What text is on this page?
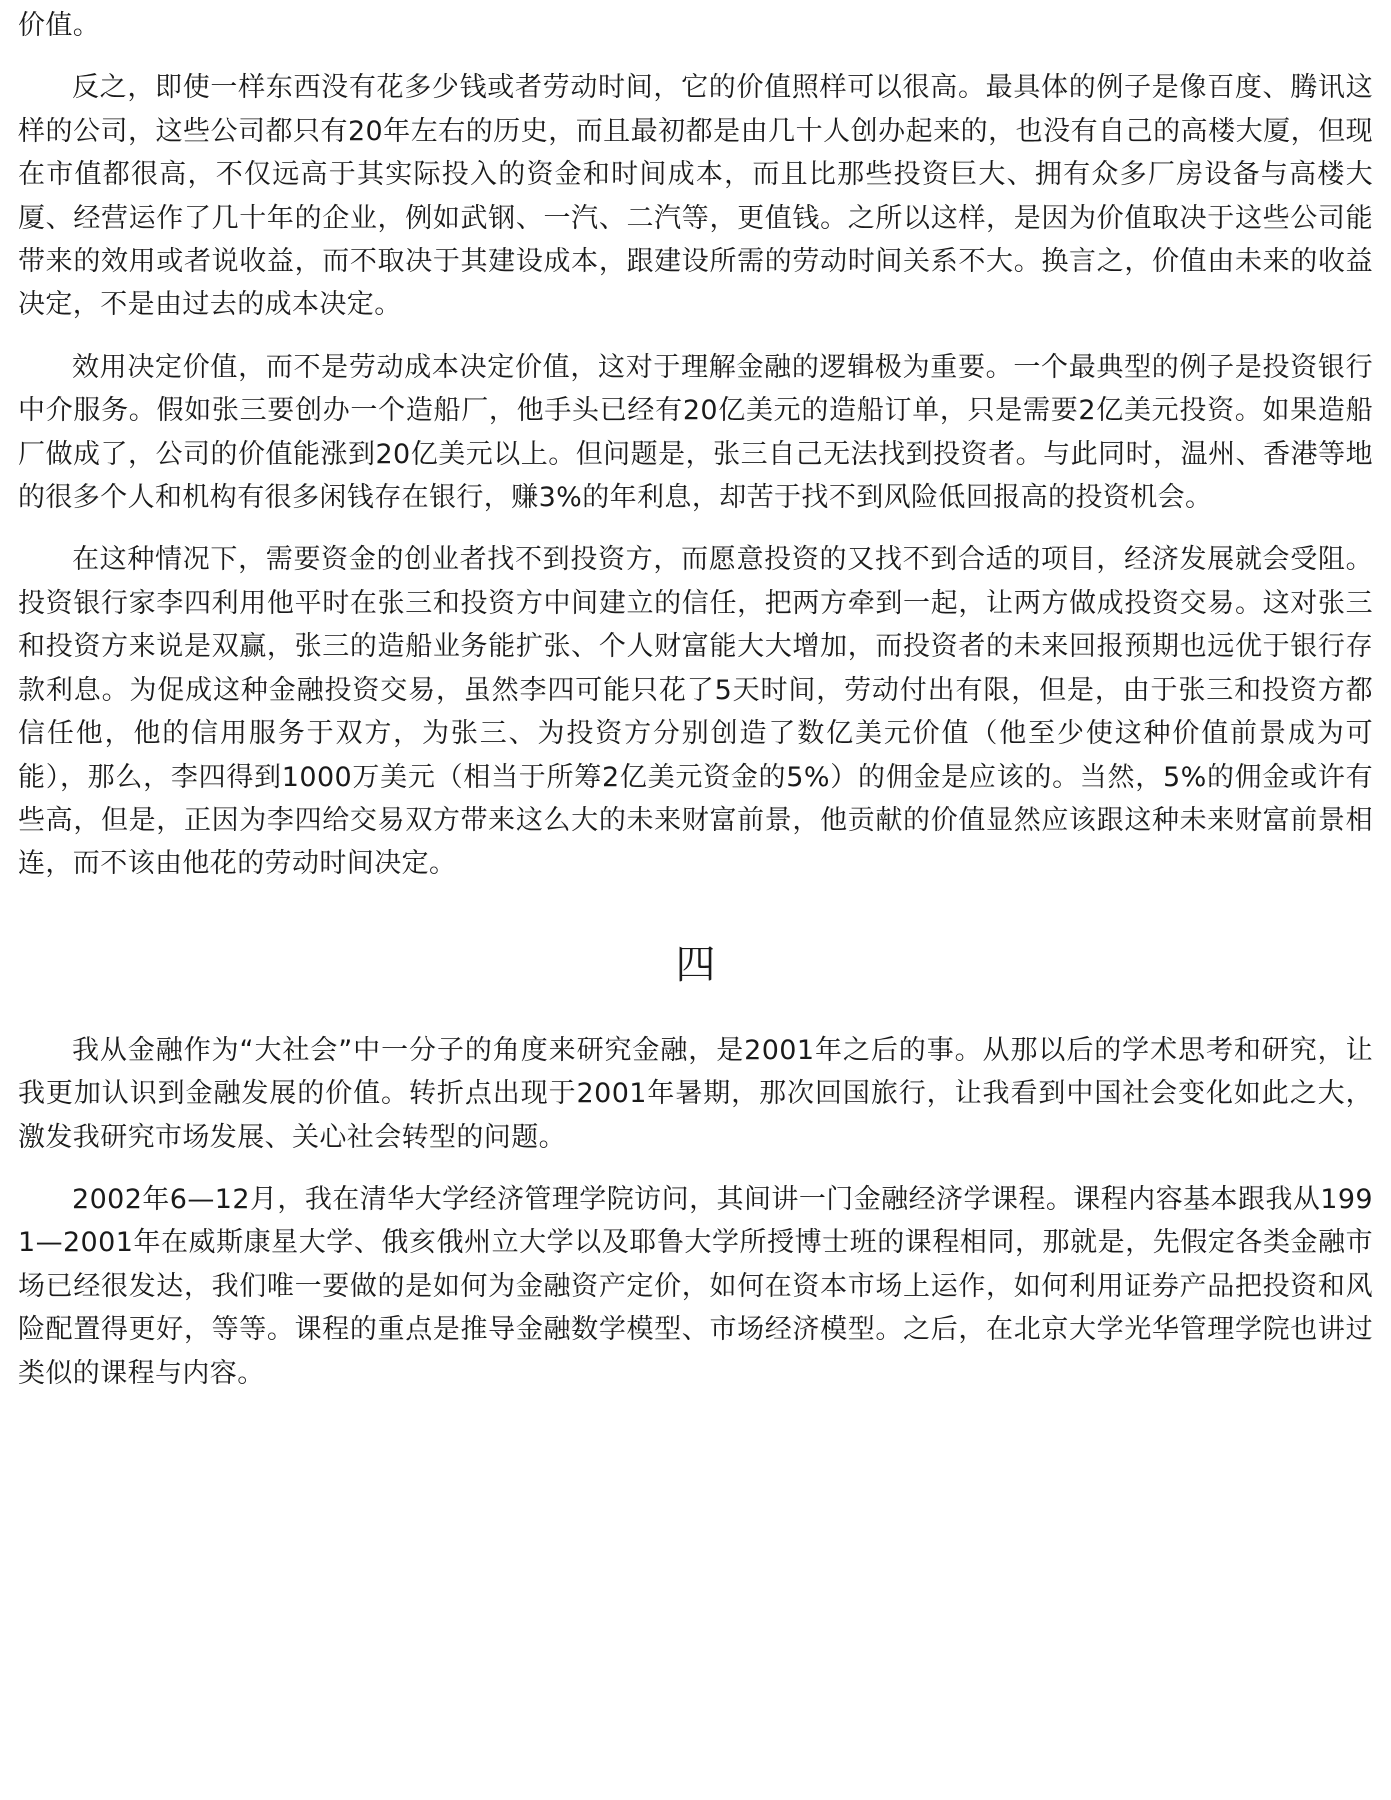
价值。

反之，即使一样东西没有花多少钱或者劳动时间，它的价值照样可以很高。最具体的例子是像百度、腾讯这样的公司，这些公司都只有20年左右的历史，而且最初都是由几十人创办起来的，也没有自己的高楼大厦，但现在市值都很高，不仅远高于其实际投入的资金和时间成本，而且比那些投资巨大、拥有众多厂房设备与高楼大厦、经营运作了几十年的企业，例如武钢、一汽、二汽等，更值钱。之所以这样，是因为价值取决于这些公司能带来的效用或者说收益，而不取决于其建设成本，跟建设所需的劳动时间关系不大。换言之，价值由未来的收益决定，不是由过去的成本决定。

效用决定价值，而不是劳动成本决定价值，这对于理解金融的逻辑极为重要。一个最典型的例子是投资银行中介服务。假如张三要创办一个造船厂，他手头已经有20亿美元的造船订单，只是需要2亿美元投资。如果造船厂做成了，公司的价值能涨到20亿美元以上。但问题是，张三自己无法找到投资者。与此同时，温州、香港等地的很多个人和机构有很多闲钱存在银行，赚3%的年利息，却苦于找不到风险低回报高的投资机会。

在这种情况下，需要资金的创业者找不到投资方，而愿意投资的又找不到合适的项目，经济发展就会受阻。投资银行家李四利用他平时在张三和投资方中间建立的信任，把两方牵到一起，让两方做成投资交易。这对张三和投资方来说是双赢，张三的造船业务能扩张、个人财富能大大增加，而投资者的未来回报预期也远优于银行存款利息。为促成这种金融投资交易，虽然李四可能只花了5天时间，劳动付出有限，但是，由于张三和投资方都信任他，他的信用服务于双方，为张三、为投资方分别创造了数亿美元价值（他至少使这种价值前景成为可能），那么，李四得到1000万美元（相当于所筹2亿美元资金的5%）的佣金是应该的。当然，5%的佣金或许有些高，但是，正因为李四给交易双方带来这么大的未来财富前景，他贡献的价值显然应该跟这种未来财富前景相连，而不该由他花的劳动时间决定。

四

我从金融作为“大社会”中一分子的角度来研究金融，是2001年之后的事。从那以后的学术思考和研究，让我更加认识到金融发展的价值。转折点出现于2001年暑期，那次回国旅行，让我看到中国社会变化如此之大，激发我研究市场发展、关心社会转型的问题。

2002年6—12月，我在清华大学经济管理学院访问，其间讲一门金融经济学课程。课程内容基本跟我从1991—2001年在威斯康星大学、俄亥俄州立大学以及耶鲁大学所授博士班的课程相同，那就是，先假定各类金融市场已经很发达，我们唯一要做的是如何为金融资产定价，如何在资本市场上运作，如何利用证券产品把投资和风险配置得更好，等等。课程的重点是推导金融数学模型、市场经济模型。之后，在北京大学光华管理学院也讲过类似的课程与内容。
